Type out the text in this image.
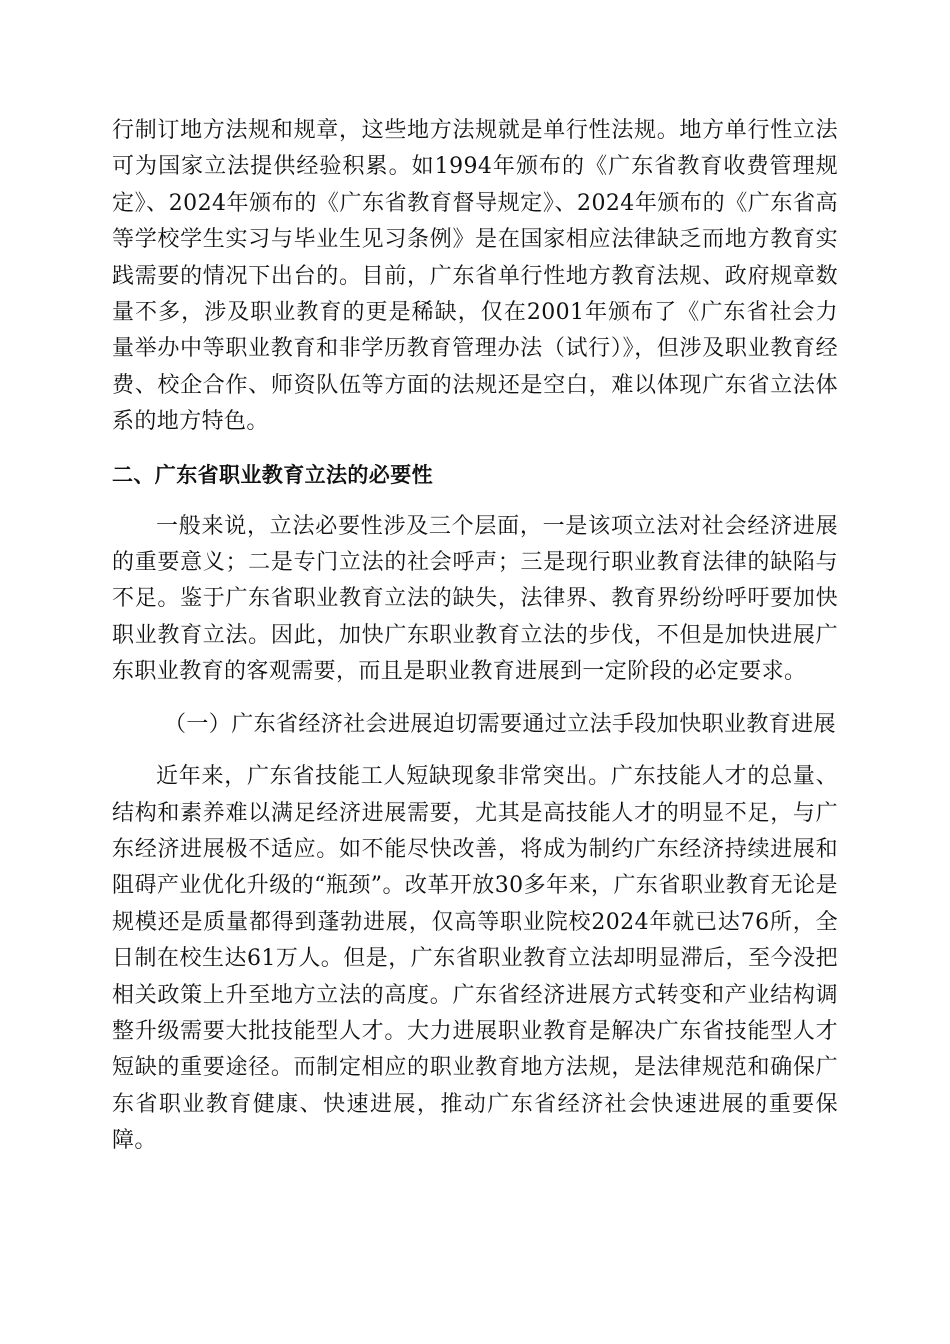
行制订地方法规和规章，这些地方法规就是单行性法规。地方单行性立法可为国家立法提供经验积累。如1994年颁布的《广东省教育收费管理规定》、2024年颁布的《广东省教育督导规定》、2024年颁布的《广东省高等学校学生实习与毕业生见习条例》是在国家相应法律缺乏而地方教育实践需要的情况下出台的。目前，广东省单行性地方教育法规、政府规章数量不多，涉及职业教育的更是稀缺，仅在2001年颁布了《广东省社会力量举办中等职业教育和非学历教育管理办法（试行）》，但涉及职业教育经费、校企合作、师资队伍等方面的法规还是空白，难以体现广东省立法体系的地方特色。

二、广东省职业教育立法的必要性

一般来说，立法必要性涉及三个层面，一是该项立法对社会经济进展的重要意义；二是专门立法的社会呼声；三是现行职业教育法律的缺陷与不足。鉴于广东省职业教育立法的缺失，法律界、教育界纷纷呼吁要加快职业教育立法。因此，加快广东职业教育立法的步伐，不但是加快进展广东职业教育的客观需要，而且是职业教育进展到一定阶段的必定要求。

（一）广东省经济社会进展迫切需要通过立法手段加快职业教育进展

近年来，广东省技能工人短缺现象非常突出。广东技能人才的总量、结构和素养难以满足经济进展需要，尤其是高技能人才的明显不足，与广东经济进展极不适应。如不能尽快改善，将成为制约广东经济持续进展和阻碍产业优化升级的“瓶颈”。改革开放30多年来，广东省职业教育无论是规模还是质量都得到蓬勃进展，仅高等职业院校2024年就已达76所，全日制在校生达61万人。但是，广东省职业教育立法却明显滞后，至今没把相关政策上升至地方立法的高度。广东省经济进展方式转变和产业结构调整升级需要大批技能型人才。大力进展职业教育是解决广东省技能型人才短缺的重要途径。而制定相应的职业教育地方法规，是法律规范和确保广东省职业教育健康、快速进展，推动广东省经济社会快速进展的重要保障。
